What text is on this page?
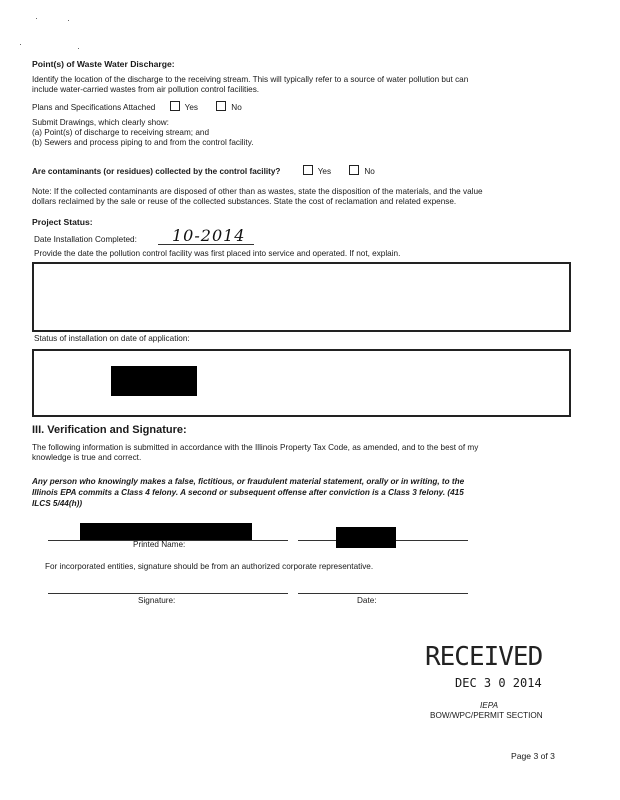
Point(s) of Waste Water Discharge:
Identify the location of the discharge to the receiving stream. This will typically refer to a source of water pollution but can
include water-carried wastes from air pollution control facilities.
Plans and Specifications Attached	Yes	No
Submit Drawings, which clearly show:
(a) Point(s) of discharge to receiving stream; and
(b) Sewers and process piping to and from the control facility.
Are contaminants (or residues) collected by the control facility?	Yes	No
Note: If the collected contaminants are disposed of other than as wastes, state the disposition of the materials, and the value
dollars reclaimed by the sale or reuse of the collected substances. State the cost of reclamation and related expense.
Project Status:
Date Installation Completed: 10-2014
Provide the date the pollution control facility was first placed into service and operated. If not, explain.
Status of installation on date of application:
III. Verification and Signature:
The following information is submitted in accordance with the Illinois Property Tax Code, as amended, and to the best of my
knowledge is true and correct.
Any person who knowingly makes a false, fictitious, or fraudulent material statement, orally or in writing, to the
Illinois EPA commits a Class 4 felony. A second or subsequent offense after conviction is a Class 3 felony. (415
ILCS 5/44(h))
Printed Name:
For incorporated entities, signature should be from an authorized corporate representative.
Signature:	Date:
RECEIVED
DEC 3 0 2014
IEPA
BOW/WPC/PERMIT SECTION
Page 3 of 3
